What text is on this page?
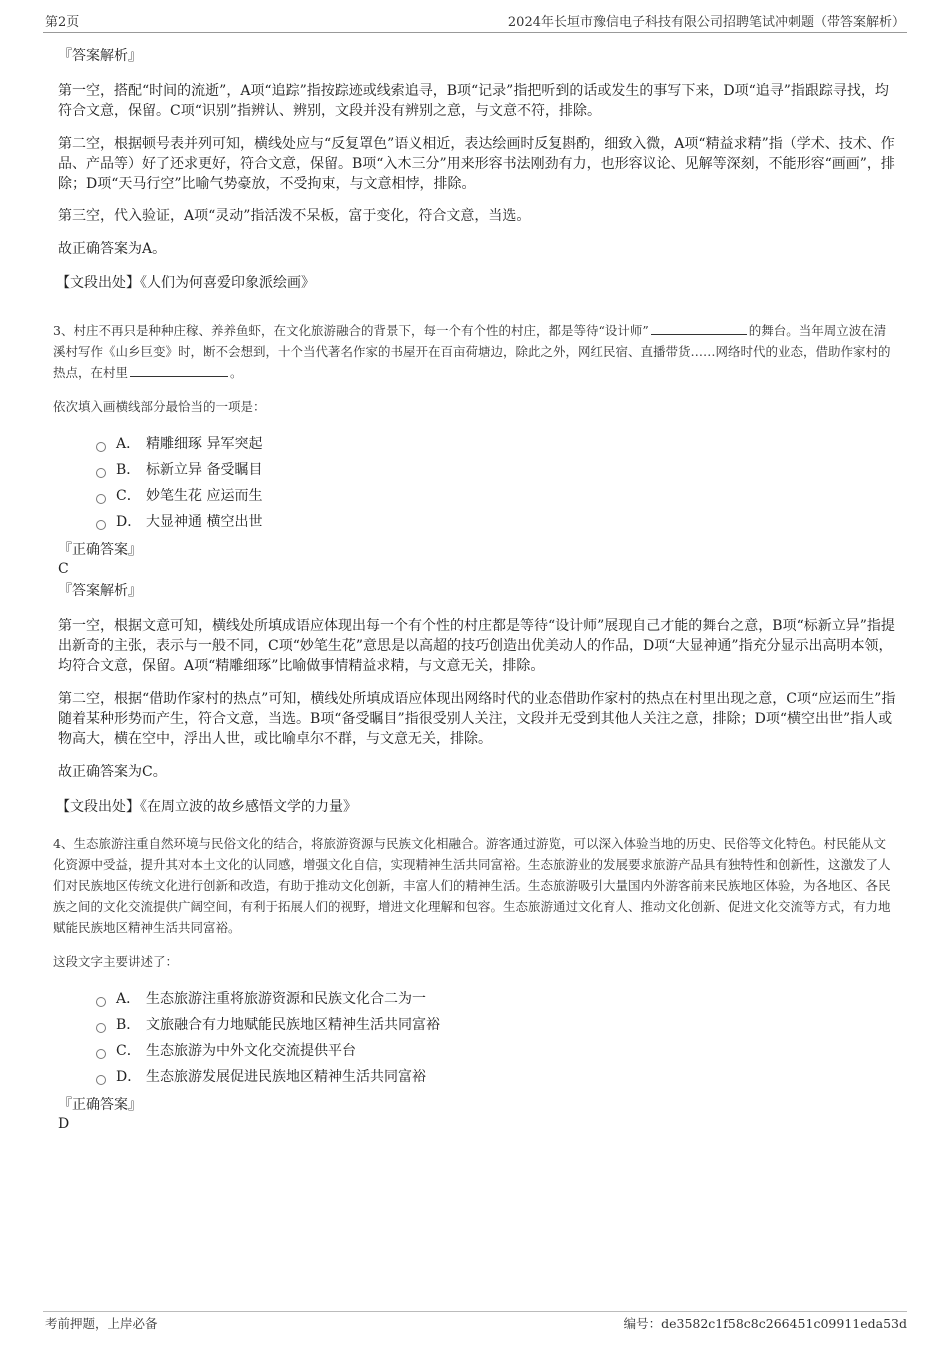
第2页	2024年长垣市豫信电子科技有限公司招聘笔试冲刺题（带答案解析）
『答案解析』
第一空，搭配“时间的流逝”，A项“追踪”指按踪迹或线索追寻，B项“记录”指把听到的话或发生的事写下来，D项“追寻”指跟踪寻找，均符合文意，保留。C项“识别”指辨认、辨别，文段并没有辨别之意，与文意不符，排除。
第二空，根据顿号表并列可知，横线处应与“反复罩色”语义相近，表达绘画时反复斟酌，细致入微，A项“精益求精”指（学术、技术、作品、产品等）好了还求更好，符合文意，保留。B项“入木三分”用来形容书法刚劲有力，也形容议论、见解等深刻，不能形容“画画”，排除；D项“天马行空”比喻气势豪放，不受拘束，与文意相悖，排除。
第三空，代入验证，A项“灵动”指活泼不呆板，富于变化，符合文意，当选。
故正确答案为A。
【文段出处】《人们为何喜爱印象派绘画》
3、村庄不再只是种种庄稼、养养鱼虾，在文化旅游融合的背景下，每一个有个性的村庄，都是等待“设计师”	的舞台。当年周立波在清溪村写作《山乡巨变》时，断不会想到，十个当代著名作家的书屋开在百亩荷塘边，除此之外，网红民宿、直播带货……网络时代的业态，借助作家村的热点，在村里	。
依次填入画横线部分最恰当的一项是：
A． 精雕细琢 异军突起
B． 标新立异 备受瞩目
C． 妙笔生花 应运而生
D． 大显神通 横空出世
『正确答案』
C
『答案解析』
第一空，根据文意可知，横线处所填成语应体现出每一个有个性的村庄都是等待“设计师”展现自己才能的舞台之意，B项“标新立异”指提出新奇的主张，表示与一般不同，C项“妙笔生花”意思是以高超的技巧创造出优美动人的作品，D项“大显神通”指充分显示出高明本领，均符合文意，保留。A项“精雕细琢”比喻做事情精益求精，与文意无关，排除。
第二空，根据“借助作家村的热点”可知，横线处所填成语应体现出网络时代的业态借助作家村的热点在村里出现之意，C项“应运而生”指随着某种形势而产生，符合文意，当选。B项“备受瞩目”指很受别人关注，文段并无受到其他人关注之意，排除；D项“横空出世”指人或物高大，横在空中，浮出人世，或比喻卓尔不群，与文意无关，排除。
故正确答案为C。
【文段出处】《在周立波的故乡感悟文学的力量》
4、生态旅游注重自然环境与民俗文化的结合，将旅游资源与民族文化相融合。游客通过游览，可以深入体验当地的历史、民俗等文化特色。村民能从文化资源中受益，提升其对本土文化的认同感，增强文化自信，实现精神生活共同富裕。生态旅游业的发展要求旅游产品具有独特性和创新性，这激发了人们对民族地区传统文化进行创新和改造，有助于推动文化创新，丰富人们的精神生活。生态旅游吸引大量国内外游客前来民族地区体验，为各地区、各民族之间的文化交流提供广阔空间，有利于拓展人们的视野，增进文化理解和包容。生态旅游通过文化育人、推动文化创新、促进文化交流等方式，有力地赋能民族地区精神生活共同富裕。
这段文字主要讲述了：
A． 生态旅游注重将旅游资源和民族文化合二为一
B． 文旅融合有力地赋能民族地区精神生活共同富裕
C． 生态旅游为中外文化交流提供平台
D． 生态旅游发展促进民族地区精神生活共同富裕
『正确答案』
D
考前押题，上岸必备	编号：de3582c1f58c8c266451c09911eda53d
